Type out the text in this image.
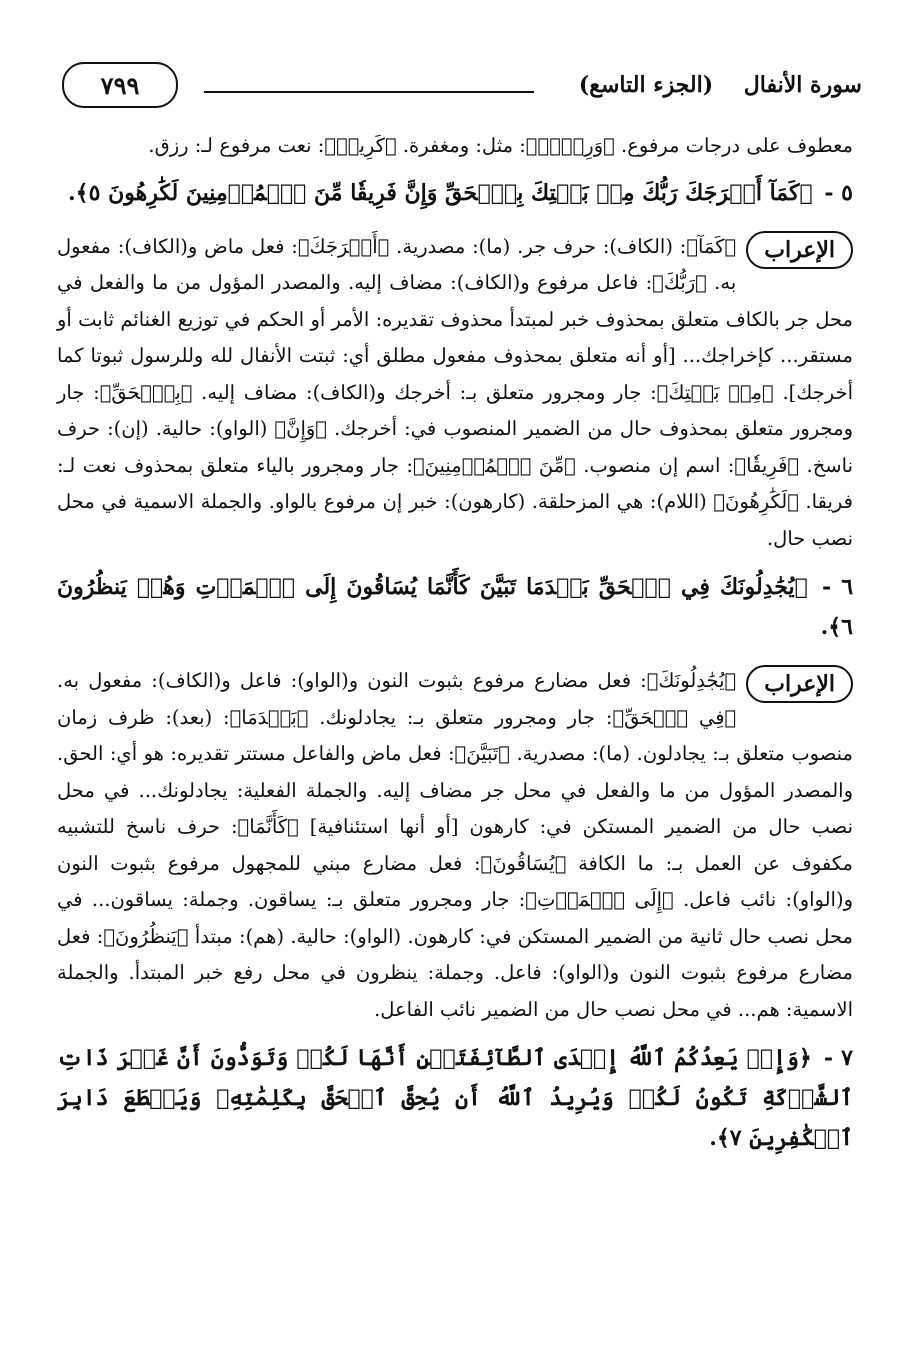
سورة الأنفال    (الجزء التاسع)
٧٩٩

معطوف على درجات مرفوع. ﴿وَرِزۡقٞ﴾: مثل: ومغفرة. ﴿كَرِيمٞ﴾: نعت مرفوع لـ: رزق.

٥ - ﴿كَمَآ أَخۡرَجَكَ رَبُّكَ مِنۢ بَيۡتِكَ بِٱلۡحَقِّ وَإِنَّ فَرِيقٗا مِّنَ ٱلۡمُؤۡمِنِينَ لَكَٰرِهُونَ ٥﴾.

الإعراب
﴿كَمَآ﴾: (الكاف): حرف جر. (ما): مصدرية. ﴿أَخۡرَجَكَ﴾: فعل ماض و(الكاف): مفعول به. ﴿رَبُّكَ﴾: فاعل مرفوع و(الكاف): مضاف إليه. والمصدر المؤول من ما والفعل في محل جر بالكاف متعلق بمحذوف خبر لمبتدأ محذوف تقديره: الأمر أو الحكم في توزيع الغنائم ثابت أو مستقر... كإخراجك... [أو أنه متعلق بمحذوف مفعول مطلق أي: ثبتت الأنفال لله وللرسول ثبوتا كما أخرجك]. ﴿مِنۢ بَيۡتِكَ﴾: جار ومجرور متعلق بـ: أخرجك و(الكاف): مضاف إليه. ﴿بِٱلۡحَقِّ﴾: جار ومجرور متعلق بمحذوف حال من الضمير المنصوب في: أخرجك. ﴿وَإِنَّ﴾ (الواو): حالية. (إن): حرف ناسخ. ﴿فَرِيقٗا﴾: اسم إن منصوب. ﴿مِّنَ ٱلۡمُؤۡمِنِينَ﴾: جار ومجرور بالياء متعلق بمحذوف نعت لـ: فريقا. ﴿لَكَٰرِهُونَ﴾ (اللام): هي المزحلقة. (كارهون): خبر إن مرفوع بالواو. والجملة الاسمية في محل نصب حال.

٦ - ﴿يُجَٰدِلُونَكَ فِي ٱلۡحَقِّ بَعۡدَمَا تَبَيَّنَ كَأَنَّمَا يُسَاقُونَ إِلَى ٱلۡمَوۡتِ وَهُمۡ يَنظُرُونَ ٦﴾.

الإعراب
﴿يُجَٰدِلُونَكَ﴾: فعل مضارع مرفوع بثبوت النون و(الواو): فاعل و(الكاف): مفعول به. ﴿فِي ٱلۡحَقِّ﴾: جار ومجرور متعلق بـ: يجادلونك. ﴿بَعۡدَمَا﴾: (بعد): ظرف زمان منصوب متعلق بـ: يجادلون. (ما): مصدرية. ﴿تَبَيَّنَ﴾: فعل ماض والفاعل مستتر تقديره: هو أي: الحق. والمصدر المؤول من ما والفعل في محل جر مضاف إليه. والجملة الفعلية: يجادلونك... في محل نصب حال من الضمير المستكن في: كارهون [أو أنها استئنافية] ﴿كَأَنَّمَا﴾: حرف ناسخ للتشبيه مكفوف عن العمل بـ: ما الكافة ﴿يُسَاقُونَ﴾: فعل مضارع مبني للمجهول مرفوع بثبوت النون و(الواو): نائب فاعل. ﴿إِلَى ٱلۡمَوۡتِ﴾: جار ومجرور متعلق بـ: يساقون. وجملة: يساقون... في محل نصب حال ثانية من الضمير المستكن في: كارهون. (الواو): حالية. (هم): مبتدأ ﴿يَنظُرُونَ﴾: فعل مضارع مرفوع بثبوت النون و(الواو): فاعل. وجملة: ينظرون في محل رفع خبر المبتدأ. والجملة الاسمية: هم... في محل نصب حال من الضمير نائب الفاعل.

٧ - ﴿وَإِذۡ يَعِدُكُمُ ٱللَّهُ إِحۡدَى ٱلطَّآئِفَتَيۡنِ أَنَّهَا لَكُمۡ وَتَوَدُّونَ أَنَّ غَيۡرَ ذَاتِ ٱلشَّوۡكَةِ تَكُونُ لَكُمۡ وَيُرِيدُ ٱللَّهُ أَن يُحِقَّ ٱلۡحَقَّ بِكَلِمَٰتِهِۦ وَيَقۡطَعَ دَابِرَ ٱلۡكَٰفِرِينَ ٧﴾.
